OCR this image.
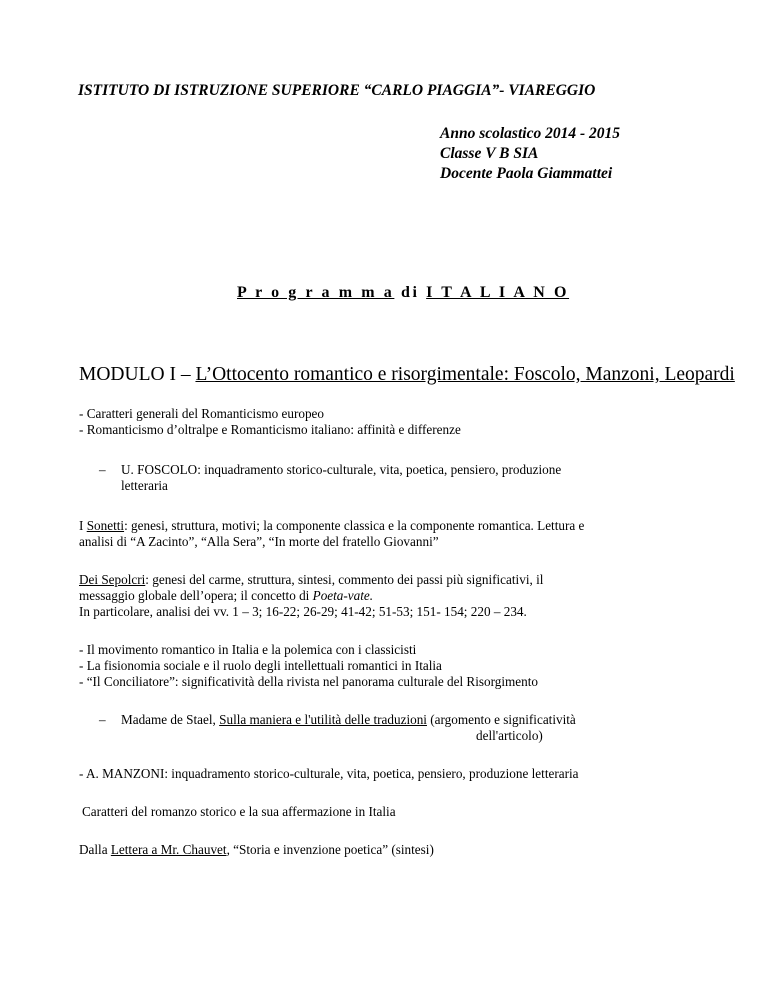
ISTITUTO DI ISTRUZIONE SUPERIORE “CARLO PIAGGIA”- VIAREGGIO
Anno scolastico 2014 - 2015
Classe V B SIA
Docente Paola Giammattei
P r o g r a m m a di I T A L I A N O
MODULO I – L’Ottocento romantico e risorgimentale: Foscolo, Manzoni, Leopardi
- Caratteri generali del Romanticismo europeo
- Romanticismo d’oltralpe e Romanticismo italiano: affinità e differenze
– U. FOSCOLO: inquadramento storico-culturale, vita, poetica, pensiero, produzione
letteraria
I Sonetti: genesi, struttura, motivi; la componente classica e la componente romantica. Lettura e
analisi di “A Zacinto”, “Alla Sera”, “In morte del fratello Giovanni”
Dei Sepolcri: genesi del carme, struttura, sintesi, commento dei passi più significativi, il
messaggio globale dell’opera; il concetto di Poeta-vate.
In particolare, analisi dei vv. 1 – 3; 16-22; 26-29; 41-42; 51-53; 151- 154; 220 – 234.
- Il movimento romantico in Italia e la polemica con i classicisti
- La fisionomia sociale e il ruolo degli intellettuali romantici in Italia
- “Il Conciliatore”: significatività della rivista nel panorama culturale del Risorgimento
– Madame de Stael, Sulla maniera e l'utilità delle traduzioni (argomento e significatività
dell'articolo)
- A. MANZONI: inquadramento storico-culturale, vita, poetica, pensiero, produzione letteraria
Caratteri del romanzo storico e la sua affermazione in Italia
Dalla Lettera a Mr. Chauvet, “Storia e invenzione poetica” (sintesi)
